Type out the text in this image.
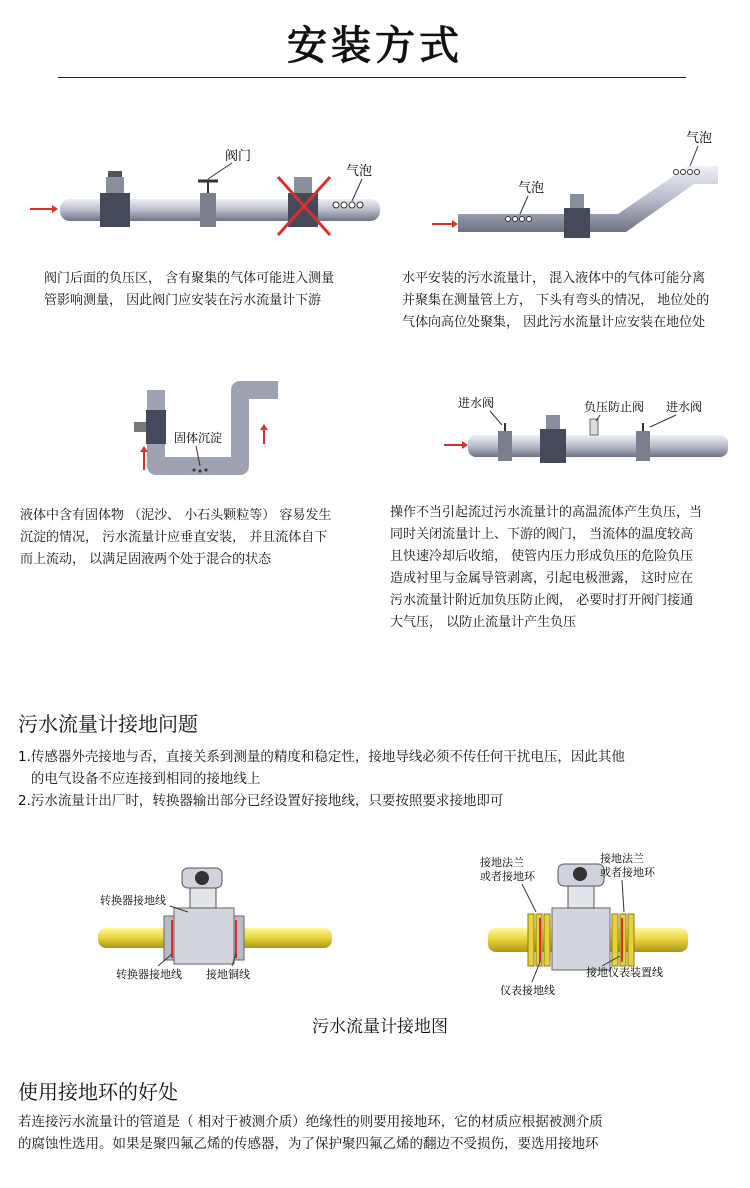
安装方式
阀门
气泡
阀门后面的负压区， 含有聚集的气体可能进入测量
管影响测量， 因此阀门应安装在污水流量计下游
气泡
气泡
水平安装的污水流量计， 混入液体中的气体可能分离
并聚集在测量管上方， 下头有弯头的情况， 地位处的
气体向高位处聚集， 因此污水流量计应安装在地位处
固体沉淀
液体中含有固体物 （泥沙、 小石头颗粒等） 容易发生
沉淀的情况， 污水流量计应垂直安装， 并且流体自下
而上流动， 以满足固液两个处于混合的状态
进水阀	负压防止阀 进水阀
操作不当引起流过污水流量计的高温流体产生负压，当
同时关闭流量计上、下游的阀门， 当流体的温度较高
且快速冷却后收缩， 使管内压力形成负压的危险负压
造成衬里与金属导管剥离，引起电极泄露， 这时应在
污水流量计附近加负压防止阀， 必要时打开阀门接通
大气压， 以防止流量计产生负压
污水流量计接地问题
1.传感器外壳接地与否，直接关系到测量的精度和稳定性，接地导线必须不传任何干扰电压，因此其他
的电气设备不应连接到相同的接地线上
2.污水流量计出厂时，转换器输出部分已经设置好接地线，只要按照要求接地即可
转换器接地线
转换器接地线 接地铜线
接地法兰
或者接地环
接地法兰
或者接地环
仪表接地线
接地仪表装置线
污水流量计接地图
使用接地环的好处
若连接污水流量计的管道是（ 相对于被测介质）绝缘性的则要用接地环，它的材质应根据被测介质
的腐蚀性选用。如果是聚四氟乙烯的传感器，为了保护聚四氟乙烯的翻边不受损伤，要选用接地环
